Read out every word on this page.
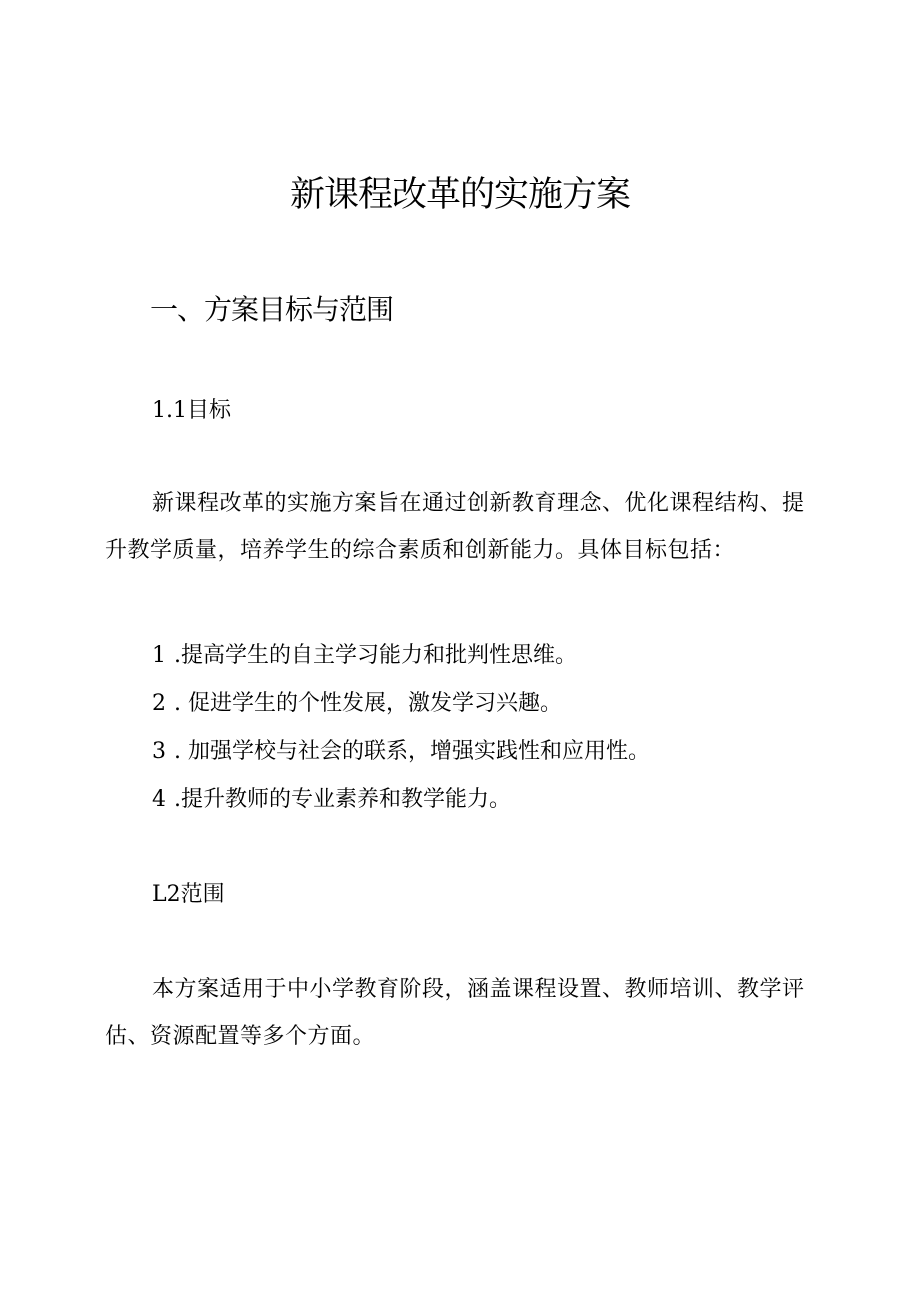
新课程改革的实施方案
一、方案目标与范围
1.1目标

新课程改革的实施方案旨在通过创新教育理念、优化课程结构、提升教学质量，培养学生的综合素质和创新能力。具体目标包括：

1 .提高学生的自主学习能力和批判性思维。
2 . 促进学生的个性发展，激发学习兴趣。
3 . 加强学校与社会的联系，增强实践性和应用性。
4 .提升教师的专业素养和教学能力。
L2范围

本方案适用于中小学教育阶段，涵盖课程设置、教师培训、教学评估、资源配置等多个方面。
